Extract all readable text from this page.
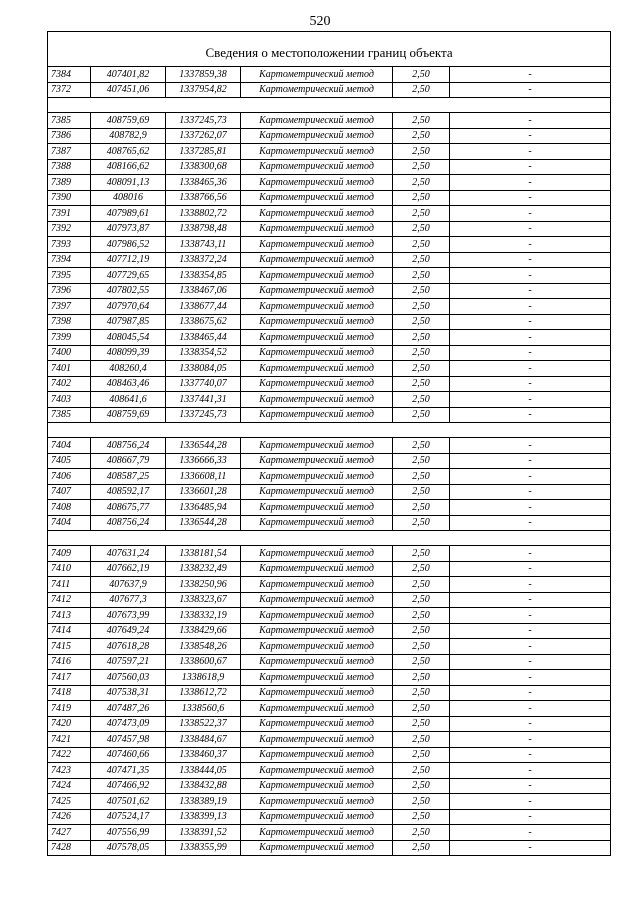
520
Сведения о местоположении границ объекта					
7384	407401,82	1337859,38	Картометрический метод	2,50	-
7372	407451,06	1337954,82	Картометрический метод	2,50	-

7385	408759,69	1337245,73	Картометрический метод	2,50	-
7386	408782,9	1337262,07	Картометрический метод	2,50	-
7387	408765,62	1337285,81	Картометрический метод	2,50	-
7388	408166,62	1338300,68	Картометрический метод	2,50	-
7389	408091,13	1338465,36	Картометрический метод	2,50	-
7390	408016	1338766,56	Картометрический метод	2,50	-
7391	407989,61	1338802,72	Картометрический метод	2,50	-
7392	407973,87	1338798,48	Картометрический метод	2,50	-
7393	407986,52	1338743,11	Картометрический метод	2,50	-
7394	407712,19	1338372,24	Картометрический метод	2,50	-
7395	407729,65	1338354,85	Картометрический метод	2,50	-
7396	407802,55	1338467,06	Картометрический метод	2,50	-
7397	407970,64	1338677,44	Картометрический метод	2,50	-
7398	407987,85	1338675,62	Картометрический метод	2,50	-
7399	408045,54	1338465,44	Картометрический метод	2,50	-
7400	408099,39	1338354,52	Картометрический метод	2,50	-
7401	408260,4	1338084,05	Картометрический метод	2,50	-
7402	408463,46	1337740,07	Картометрический метод	2,50	-
7403	408641,6	1337441,31	Картометрический метод	2,50	-
7385	408759,69	1337245,73	Картометрический метод	2,50	-

7404	408756,24	1336544,28	Картометрический метод	2,50	-
7405	408667,79	1336666,33	Картометрический метод	2,50	-
7406	408587,25	1336608,11	Картометрический метод	2,50	-
7407	408592,17	1336601,28	Картометрический метод	2,50	-
7408	408675,77	1336485,94	Картометрический метод	2,50	-
7404	408756,24	1336544,28	Картометрический метод	2,50	-

7409	407631,24	1338181,54	Картометрический метод	2,50	-
7410	407662,19	1338232,49	Картометрический метод	2,50	-
7411	407637,9	1338250,96	Картометрический метод	2,50	-
7412	407677,3	1338323,67	Картометрический метод	2,50	-
7413	407673,99	1338332,19	Картометрический метод	2,50	-
7414	407649,24	1338429,66	Картометрический метод	2,50	-
7415	407618,28	1338548,26	Картометрический метод	2,50	-
7416	407597,21	1338600,67	Картометрический метод	2,50	-
7417	407560,03	1338618,9	Картометрический метод	2,50	-
7418	407538,31	1338612,72	Картометрический метод	2,50	-
7419	407487,26	1338560,6	Картометрический метод	2,50	-
7420	407473,09	1338522,37	Картометрический метод	2,50	-
7421	407457,98	1338484,67	Картометрический метод	2,50	-
7422	407460,66	1338460,37	Картометрический метод	2,50	-
7423	407471,35	1338444,05	Картометрический метод	2,50	-
7424	407466,92	1338432,88	Картометрический метод	2,50	-
7425	407501,62	1338389,19	Картометрический метод	2,50	-
7426	407524,17	1338399,13	Картометрический метод	2,50	-
7427	407556,99	1338391,52	Картометрический метод	2,50	-
7428	407578,05	1338355,99	Картометрический метод	2,50	-
